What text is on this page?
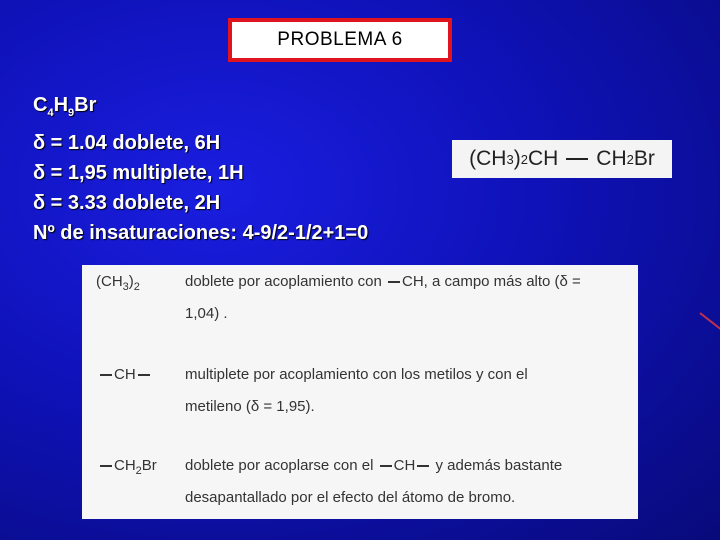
PROBLEMA 6
$C_4H_9Br$
δ = 1.04 doblete, 6H
δ = 1,95 multiplete, 1H
δ = 3.33 doblete, 2H
Nº de insaturaciones: 4-9/2-1/2+1=0
(CH 3 ) 2 CH CH 2 Br
$(CH_3)_2$	doblete por acoplamiento con CH, a campo más alto (δ =
1,04) .
CH	multiplete por acoplamiento con los metilos y con el
metileno (δ = 1,95).
$CH_2Br$ doblete por acoplarse con el CH y además bastante
desapantallado por el efecto del átomo de bromo.
